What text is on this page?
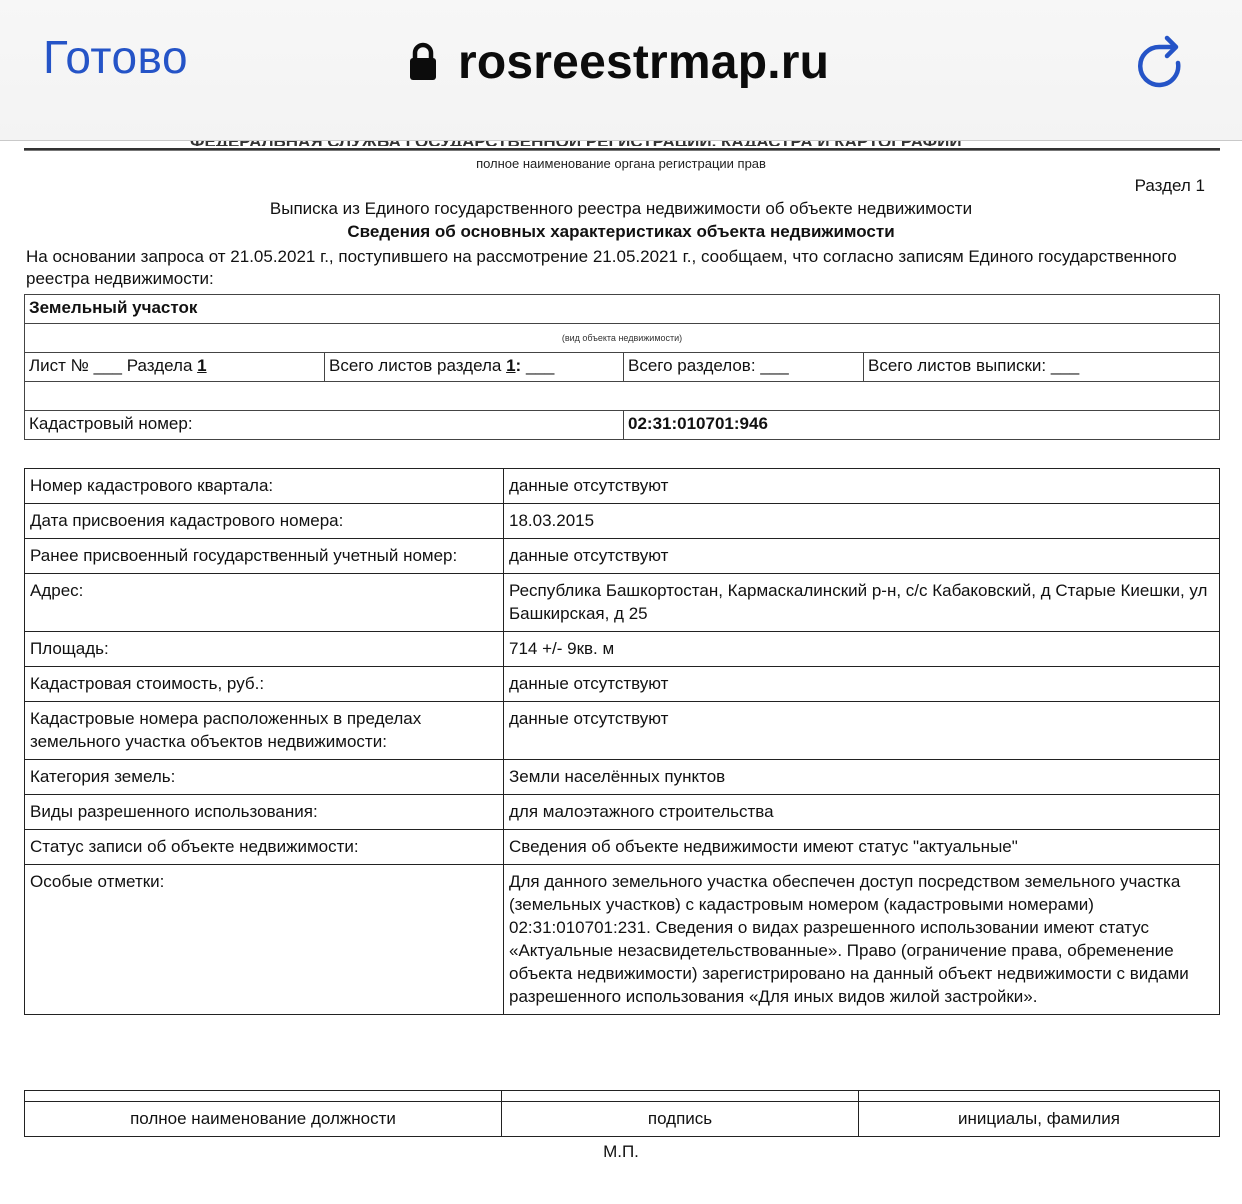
полное наименование органа регистрации прав
Раздел 1
Выписка из Единого государственного реестра недвижимости об объекте недвижимости
Сведения об основных характеристиках объекта недвижимости
На основании запроса от 21.05.2021 г., поступившего на рассмотрение 21.05.2021 г., сообщаем, что согласно записям Единого государственного реестра недвижимости:
Земельный участок			
(вид объекта недвижимости)			
Лист № ___ Раздела 1	Всего листов раздела 1: ___	Всего разделов: ___	Всего листов выписки: ___

Кадастровый номер:		02:31:010701:946	
Номер кадастрового квартала:	данные отсутствуют
Дата присвоения кадастрового номера:	18.03.2015
Ранее присвоенный государственный учетный номер:	данные отсутствуют
Адрес:	Республика Башкортостан, Кармаскалинский р-н, с/с Кабаковский, д Старые Киешки, ул Башкирская, д 25
Площадь:	714 +/- 9кв. м
Кадастровая стоимость, руб.:	данные отсутствуют
Кадастровые номера расположенных в пределах земельного участка объектов недвижимости:	данные отсутствуют
Категория земель:	Земли населённых пунктов
Виды разрешенного использования:	для малоэтажного строительства
Статус записи об объекте недвижимости:	Сведения об объекте недвижимости имеют статус "актуальные"
Особые отметки:	Для данного земельного участка обеспечен доступ посредством земельного участка (земельных участков) с кадастровым номером (кадастровыми номерами) 02:31:010701:231. Сведения о видах разрешенного использовании имеют статус «Актуальные незасвидетельствованные». Право (ограничение права, обременение объекта недвижимости) зарегистрировано на данный объект недвижимости с видами разрешенного использования «Для иных видов жилой застройки».

полное наименование должности	подпись	инициалы, фамилия
М.П.
Готово	rosreestrmap.ru
